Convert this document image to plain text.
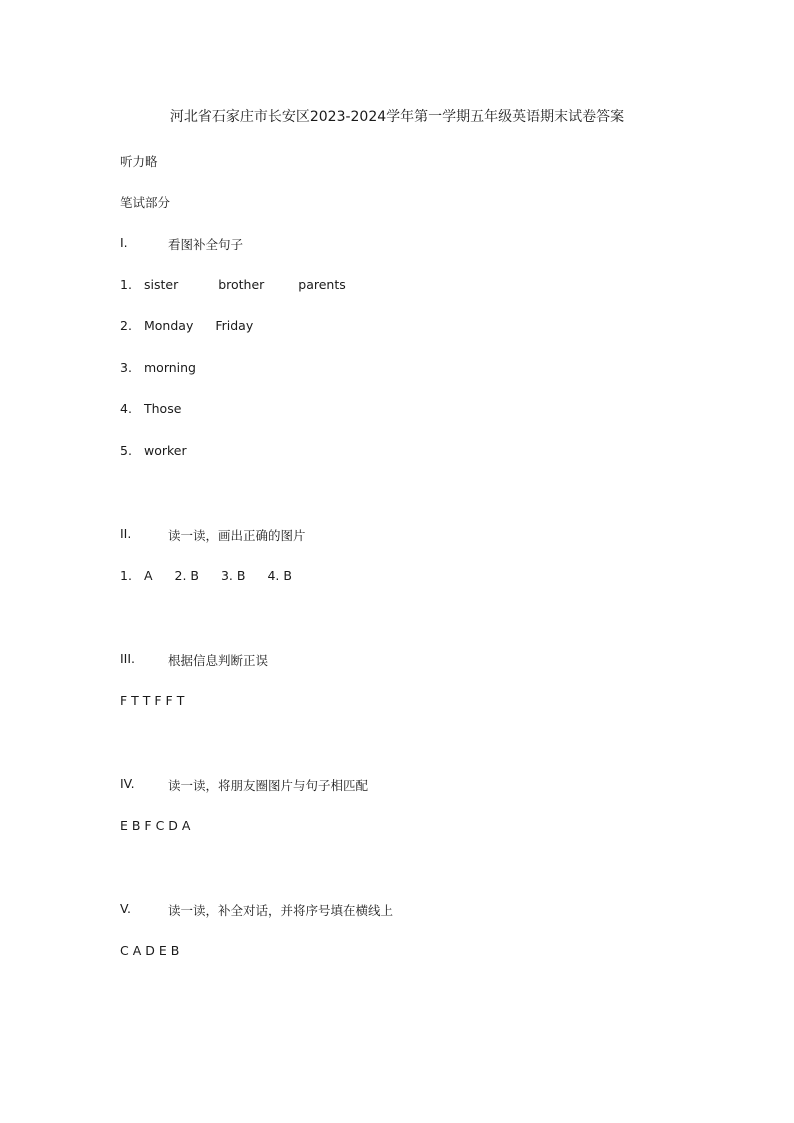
河北省石家庄市长安区2023-2024学年第一学期五年级英语期末试卷答案
听力略
笔试部分
I.	看图补全句子
1. sister	brother	parents
2. Monday Friday
3. morning
4. Those
5. worker
II.	读一读，画出正确的图片
1. A 2. B 3. B 4. B
III.	根据信息判断正误
F T T F F T
IV.	读一读，将朋友圈图片与句子相匹配
E B F C D A
V.	读一读，补全对话，并将序号填在横线上
C A D E B
